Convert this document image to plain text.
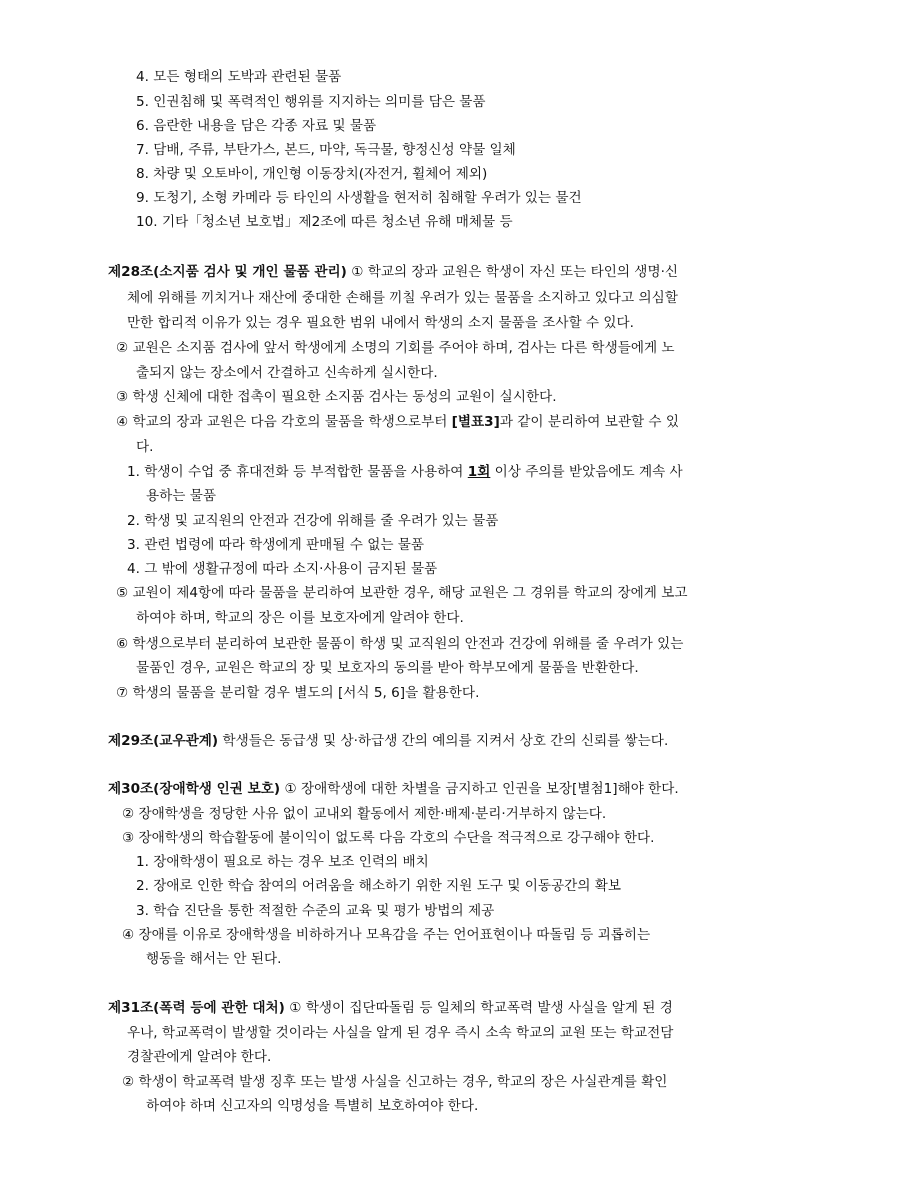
4. 모든 형태의 도박과 관련된 물품
5. 인권침해 및 폭력적인 행위를 지지하는 의미를 담은 물품
6. 음란한 내용을 담은 각종 자료 및 물품
7. 담배, 주류, 부탄가스, 본드, 마약, 독극물, 향정신성 약물 일체
8. 차량 및 오토바이, 개인형 이동장치(자전거, 휠체어 제외)
9. 도청기, 소형 카메라 등 타인의 사생활을 현저히 침해할 우려가 있는 물건
10. 기타「청소년 보호법」제2조에 따른 청소년 유해 매체물 등
제28조(소지품 검사 및 개인 물품 관리) ① 학교의 장과 교원은 학생이 자신 또는 타인의 생명·신
체에 위해를 끼치거나 재산에 중대한 손해를 끼칠 우려가 있는 물품을 소지하고 있다고 의심할
만한 합리적 이유가 있는 경우 필요한 범위 내에서 학생의 소지 물품을 조사할 수 있다.
② 교원은 소지품 검사에 앞서 학생에게 소명의 기회를 주어야 하며, 검사는 다른 학생들에게 노
출되지 않는 장소에서 간결하고 신속하게 실시한다.
③ 학생 신체에 대한 접촉이 필요한 소지품 검사는 동성의 교원이 실시한다.
④ 학교의 장과 교원은 다음 각호의 물품을 학생으로부터 [별표3]과 같이 분리하여 보관할 수 있
다.
1. 학생이 수업 중 휴대전화 등 부적합한 물품을 사용하여 1회 이상 주의를 받았음에도 계속 사
용하는 물품
2. 학생 및 교직원의 안전과 건강에 위해를 줄 우려가 있는 물품
3. 관련 법령에 따라 학생에게 판매될 수 없는 물품
4. 그 밖에 생활규정에 따라 소지·사용이 금지된 물품
⑤ 교원이 제4항에 따라 물품을 분리하여 보관한 경우, 해당 교원은 그 경위를 학교의 장에게 보고
하여야 하며, 학교의 장은 이를 보호자에게 알려야 한다.
⑥ 학생으로부터 분리하여 보관한 물품이 학생 및 교직원의 안전과 건강에 위해를 줄 우려가 있는
물품인 경우, 교원은 학교의 장 및 보호자의 동의를 받아 학부모에게 물품을 반환한다.
⑦ 학생의 물품을 분리할 경우 별도의 [서식 5, 6]을 활용한다.
제29조(교우관계) 학생들은 동급생 및 상·하급생 간의 예의를 지켜서 상호 간의 신뢰를 쌓는다.
제30조(장애학생 인권 보호) ① 장애학생에 대한 차별을 금지하고 인권을 보장[별첨1]해야 한다.
② 장애학생을 정당한 사유 없이 교내외 활동에서 제한·배제·분리·거부하지 않는다.
③ 장애학생의 학습활동에 불이익이 없도록 다음 각호의 수단을 적극적으로 강구해야 한다.
1. 장애학생이 필요로 하는 경우 보조 인력의 배치
2. 장애로 인한 학습 참여의 어려움을 해소하기 위한 지원 도구 및 이동공간의 확보
3. 학습 진단을 통한 적절한 수준의 교육 및 평가 방법의 제공
④ 장애를 이유로 장애학생을 비하하거나 모욕감을 주는 언어표현이나 따돌림 등 괴롭히는
행동을 해서는 안 된다.
제31조(폭력 등에 관한 대처) ① 학생이 집단따돌림 등 일체의 학교폭력 발생 사실을 알게 된 경
우나, 학교폭력이 발생할 것이라는 사실을 알게 된 경우 즉시 소속 학교의 교원 또는 학교전담
경찰관에게 알려야 한다.
② 학생이 학교폭력 발생 징후 또는 발생 사실을 신고하는 경우, 학교의 장은 사실관계를 확인
하여야 하며 신고자의 익명성을 특별히 보호하여야 한다.
